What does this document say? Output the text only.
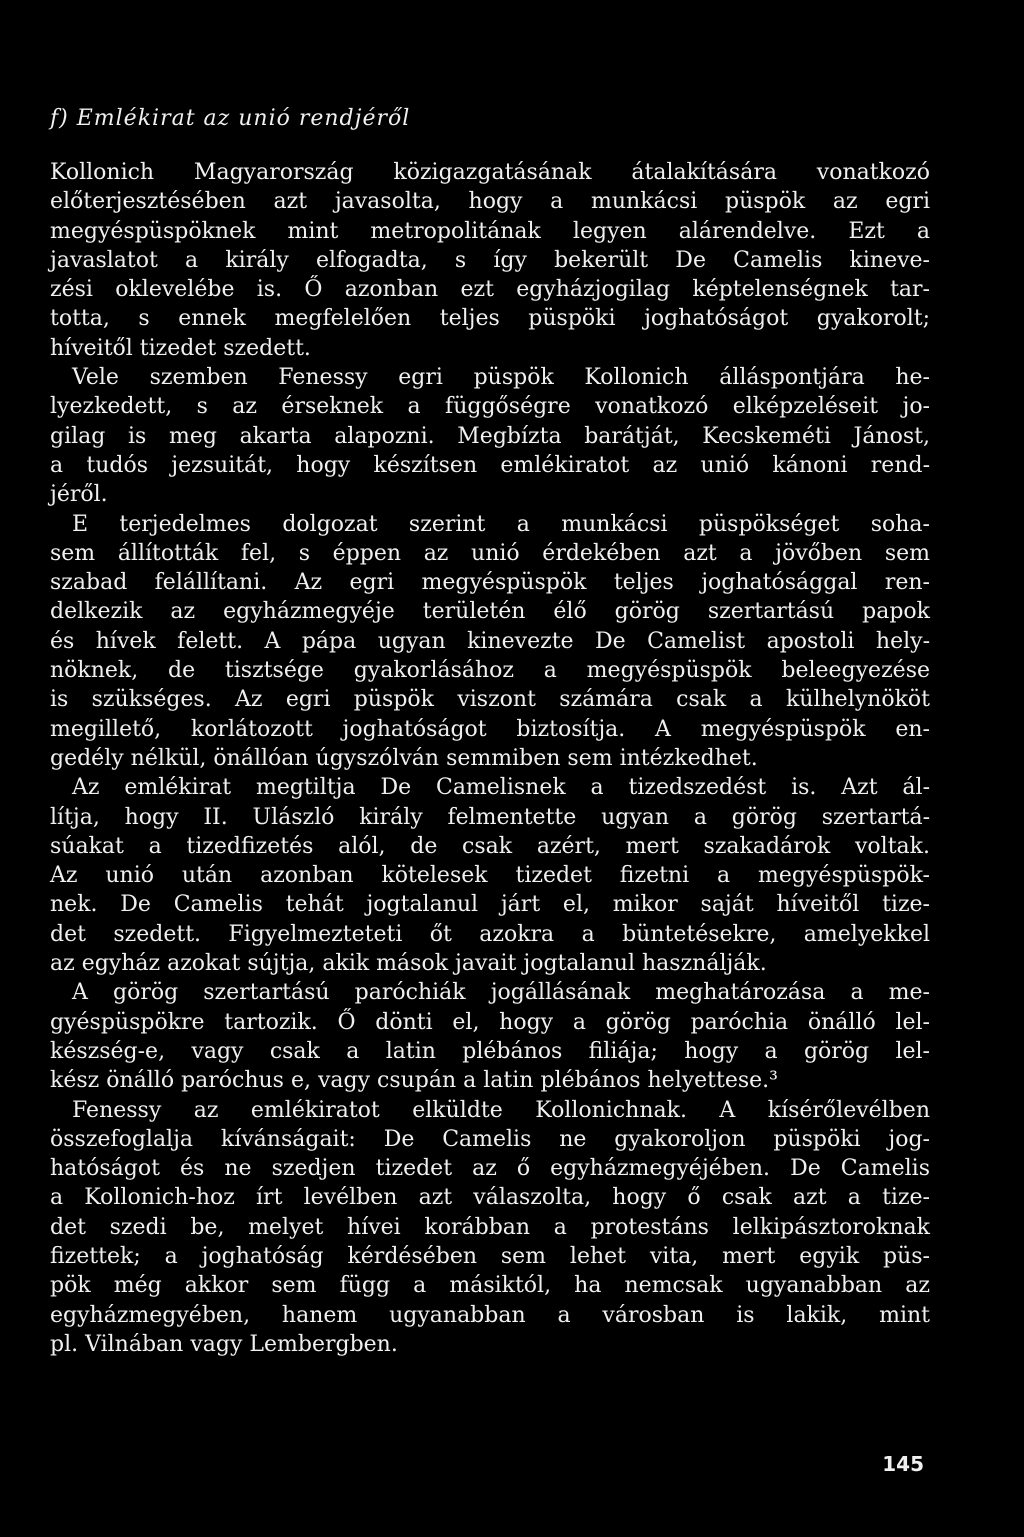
f) Emlékirat az unió rendjéről
Kollonich Magyarország közigazgatásának átalakítására vonatkozó
előterjesztésében azt javasolta, hogy a munkácsi püspök az egri
megyéspüspöknek mint metropolitának legyen alárendelve. Ezt a
javaslatot a király elfogadta, s így bekerült De Camelis kineve-
zési oklevelébe is. Ő azonban ezt egyházjogilag képtelenségnek tar-
totta, s ennek megfelelően teljes püspöki joghatóságot gyakorolt;
híveitől tizedet szedett.
Vele szemben Fenessy egri püspök Kollonich álláspontjára he-
lyezkedett, s az érseknek a függőségre vonatkozó elképzeléseit jo-
gilag is meg akarta alapozni. Megbízta barátját, Kecskeméti Jánost,
a tudós jezsuitát, hogy készítsen emlékiratot az unió kánoni rend-
jéről.
E terjedelmes dolgozat szerint a munkácsi püspökséget soha-
sem állították fel, s éppen az unió érdekében azt a jövőben sem
szabad felállítani. Az egri megyéspüspök teljes joghatósággal ren-
delkezik az egyházmegyéje területén élő görög szertartású papok
és hívek felett. A pápa ugyan kinevezte De Camelist apostoli hely-
nöknek, de tisztsége gyakorlásához a megyéspüspök beleegyezése
is szükséges. Az egri püspök viszont számára csak a külhelynököt
megillető, korlátozott joghatóságot biztosítja. A megyéspüspök en-
gedély nélkül, önállóan úgyszólván semmiben sem intézkedhet.
Az emlékirat megtiltja De Camelisnek a tizedszedést is. Azt ál-
lítja, hogy II. Ulászló király felmentette ugyan a görög szertartá-
súakat a tizedfizetés alól, de csak azért, mert szakadárok voltak.
Az unió után azonban kötelesek tizedet fizetni a megyéspüspök-
nek. De Camelis tehát jogtalanul járt el, mikor saját híveitől tize-
det szedett. Figyelmezteteti őt azokra a büntetésekre, amelyekkel
az egyház azokat sújtja, akik mások javait jogtalanul használják.
A görög szertartású paróchiák jogállásának meghatározása a me-
gyéspüspökre tartozik. Ő dönti el, hogy a görög paróchia önálló lel-
készség-e, vagy csak a latin plébános filiája; hogy a görög lel-
kész önálló paróchus e, vagy csupán a latin plébános helyettese.³
Fenessy az emlékiratot elküldte Kollonichnak. A kísérőlevélben
összefoglalja kívánságait: De Camelis ne gyakoroljon püspöki jog-
hatóságot és ne szedjen tizedet az ő egyházmegyéjében. De Camelis
a Kollonich-hoz írt levélben azt válaszolta, hogy ő csak azt a tize-
det szedi be, melyet hívei korábban a protestáns lelkipásztoroknak
fizettek; a joghatóság kérdésében sem lehet vita, mert egyik püs-
pök még akkor sem függ a másiktól, ha nemcsak ugyanabban az
egyházmegyében, hanem ugyanabban a városban is lakik, mint
pl. Vilnában vagy Lembergben.
145
